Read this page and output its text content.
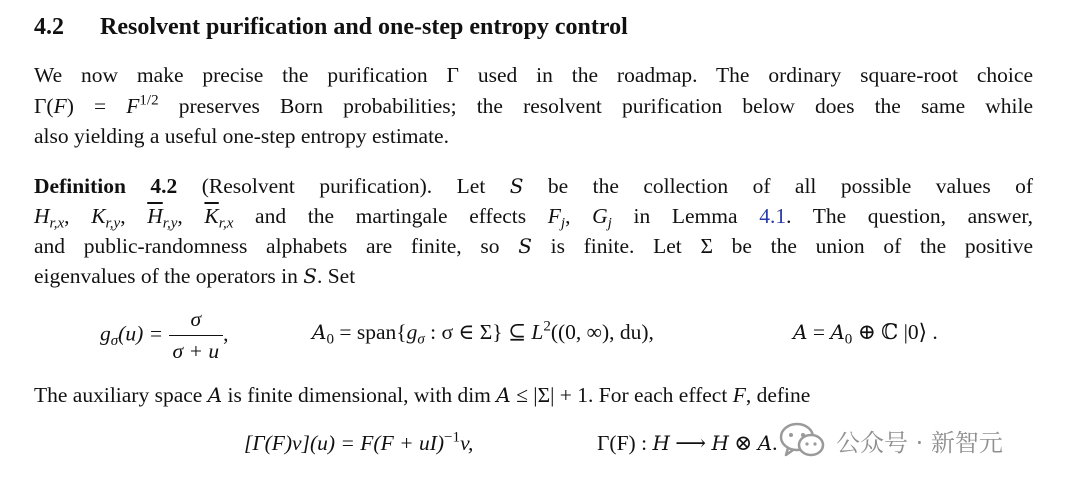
4.2 Resolvent purification and one-step entropy control
We now make precise the purification Γ used in the roadmap. The ordinary square-root choice
$\Gamma(F) = F^{1/2}$ preserves Born probabilities; the resolvent purification below does the same while
also yielding a useful one-step entropy estimate.
Definition 4.2 (Resolvent purification). Let S be the collection of all possible values of
$H_{r,x}$, $K_{r,y}$, $\overline{H}_{r,y}$, $\overline{K}_{r,x}$ and the martingale effects $F_j$, $G_j$ in Lemma 4.1. The question, answer,
and public-randomness alphabets are finite, so S is finite. Let Σ be the union of the positive
eigenvalues of the operators in S. Set
$g_\sigma(u) = \frac{\sigma}{\sigma + u}$ ,	$A_0$ = $span\{g_\sigma$ : σ ∈ Σ} ⊆ $L^2((0$, ∞), du),	$A = A_0$ ⊕ ℂ |0⟩ .
The auxiliary space A is finite dimensional, with dim A ≤ |Σ| + 1. For each effect F, define
[Γ(F)v](u) = F(F + uI)$^{-1}$v,	Γ(F) : H ⟶ H ⊗ A. 公众号 · 新智元
